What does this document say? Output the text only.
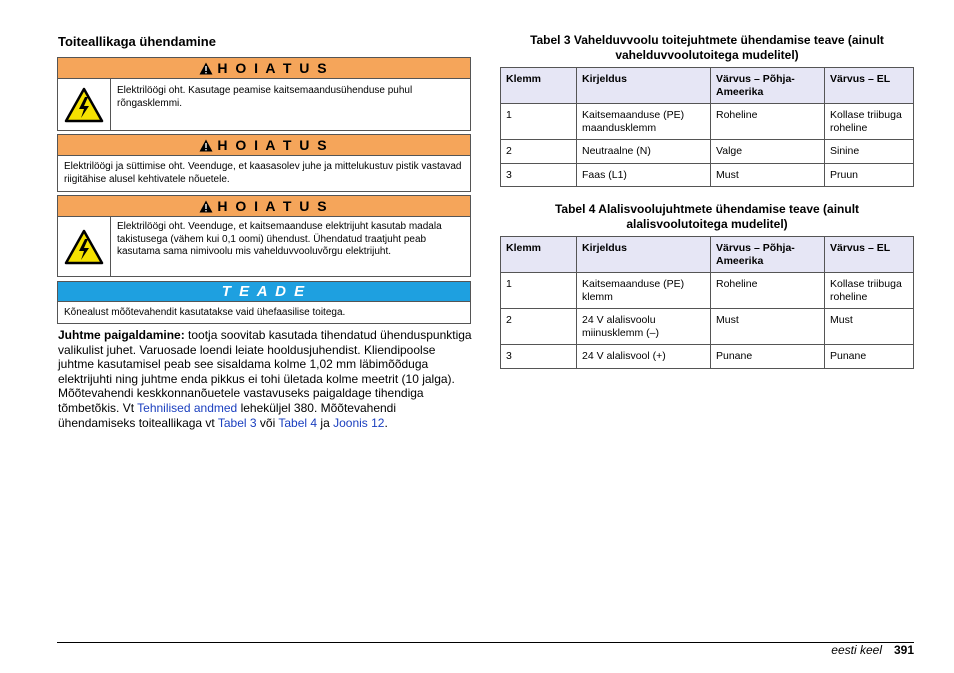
Toiteallikaga ühendamine
H O I A T U S
Elektrilöögi oht. Kasutage peamise kaitsemaandusühenduse puhul rõngasklemmi.
H O I A T U S
Elektrilöögi ja süttimise oht. Veenduge, et kaasasolev juhe ja mittelukustuv pistik vastavad riigitähise alusel kehtivatele nõuetele.
H O I A T U S
Elektrilöögi oht. Veenduge, et kaitsemaanduse elektrijuht kasutab madala takistusega (vähem kui 0,1 oomi) ühendust. Ühendatud traatjuht peab kasutama sama nimivoolu mis vahelduvvooluvõrgu elektrijuht.
T E A D E
Kõnealust mõõtevahendit kasutatakse vaid ühefaasilise toitega.
Juhtme paigaldamine: tootja soovitab kasutada tihendatud ühenduspunktiga valikulist juhet. Varuosade loendi leiate hooldusjuhendist. Kliendipoolse juhtme kasutamisel peab see sisaldama kolme 1,02 mm läbimõõduga elektrijuhti ning juhtme enda pikkus ei tohi ületada kolme meetrit (10 jalga). Mõõtevahendi keskkonnanõuetele vastavuseks paigaldage tihendiga tõmbetõkis. Vt Tehnilised andmed leheküljel 380. Mõõtevahendi ühendamiseks toiteallikaga vt Tabel 3 või Tabel 4 ja Joonis 12.
Tabel 3 Vahelduvvoolu toitejuhtmete ühendamise teave (ainult
vahelduvvoolutoitega mudelitel)
Klemm	Kirjeldus	Värvus – Põhja-Ameerika	Värvus – EL
1	Kaitsemaanduse (PE) maandusklemm	Roheline	Kollase triibuga roheline
2	Neutraalne (N)	Valge	Sinine
3	Faas (L1)	Must	Pruun
Tabel 4 Alalisvoolujuhtmete ühendamise teave (ainult
alalisvoolutoitega mudelitel)
Klemm	Kirjeldus	Värvus – Põhja-Ameerika	Värvus – EL
1	Kaitsemaanduse (PE) klemm	Roheline	Kollase triibuga roheline
2	24 V alalisvoolu miinusklemm (–)	Must	Must
3	24 V alalisvool (+)	Punane	Punane
eesti keel 391
